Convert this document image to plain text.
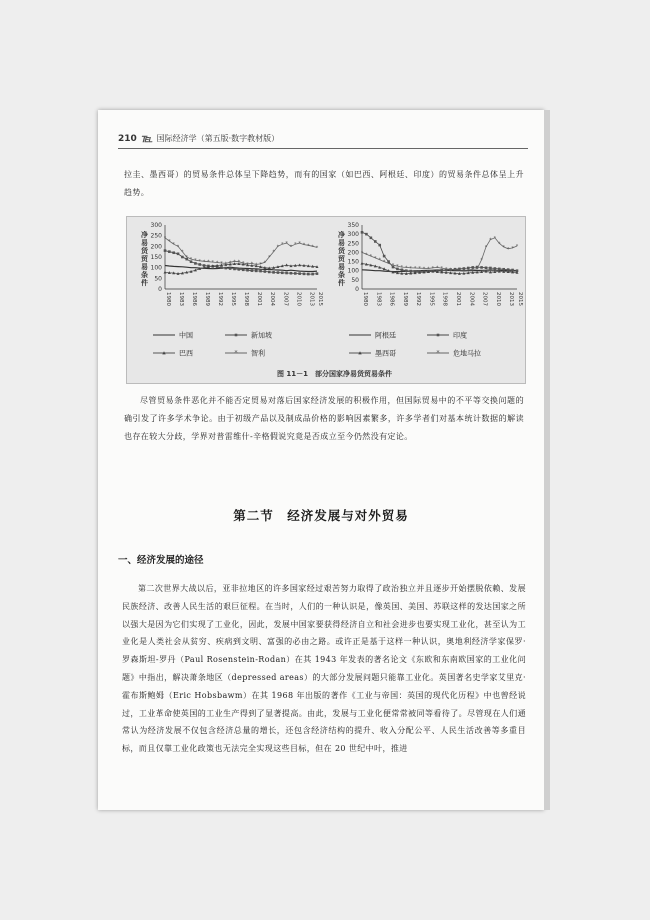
210 ℡ 国际经济学（第五版·数字教材版）
拉圭、墨西哥）的贸易条件总体呈下降趋势，而有的国家（如巴西、阿根廷、印度）的贸易条件总体呈上升趋势。
0
50
100
150
200
250
300
净
易
货
贸
易
条
件
1980 1983 1986 1989 1992 1995 1998 2001 2004 2007 2010 2013 2015
中国	新加坡
巴西
*
*
* *
*
* * * * * * * * * * * * * * * * * * *
*
*
* * *
* * * * * * *
* 智利
0
50
100
150
200
250
300
350
净
易
货
贸
易
条
件
1980 1983 1986 1989 1992 1995 1998 2001 2004 2007 2010 2013 2015
阿根廷	印度
墨西哥
* * * * * * * * * * * * * * * * * * * * * * * * * * *
*
*
* *
*
* * * *
* 危地马拉
图 11－1　部分国家净易货贸易条件
尽管贸易条件恶化并不能否定贸易对落后国家经济发展的积极作用，但国际贸易中的不平等交换问题的确引发了许多学术争论。由于初级产品以及制成品价格的影响因素繁多，许多学者们对基本统计数据的解读也存在较大分歧，学界对普雷维什-辛格假说究竟是否成立至今仍然没有定论。
第二节　经济发展与对外贸易
一、经济发展的途径
第二次世界大战以后，亚非拉地区的许多国家经过艰苦努力取得了政治独立并且逐步开始摆脱依赖、发展民族经济、改善人民生活的艰巨征程。在当时，人们的一种认识是，像英国、美国、苏联这样的发达国家之所以强大是因为它们实现了工业化，因此，发展中国家要获得经济自立和社会进步也要实现工业化，甚至认为工业化是人类社会从贫穷、疾病到文明、富强的必由之路。或许正是基于这样一种认识，奥地利经济学家保罗·罗森斯坦-罗丹（Paul Rosenstein-Rodan）在其 1943 年发表的著名论文《东欧和东南欧国家的工业化问题》中指出，解决萧条地区（depressed areas）的大部分发展问题只能靠工业化。英国著名史学家艾里克·霍布斯鲍姆（Eric Hobsbawm）在其 1968 年出版的著作《工业与帝国：英国的现代化历程》中也曾经说过，工业革命使英国的工业生产得到了显著提高。由此，发展与工业化便常常被同等看待了。尽管现在人们通常认为经济发展不仅包含经济总量的增长，还包含经济结构的提升、收入分配公平、人民生活改善等多重目标，而且仅靠工业化政策也无法完全实现这些目标，但在 20 世纪中叶，推进
